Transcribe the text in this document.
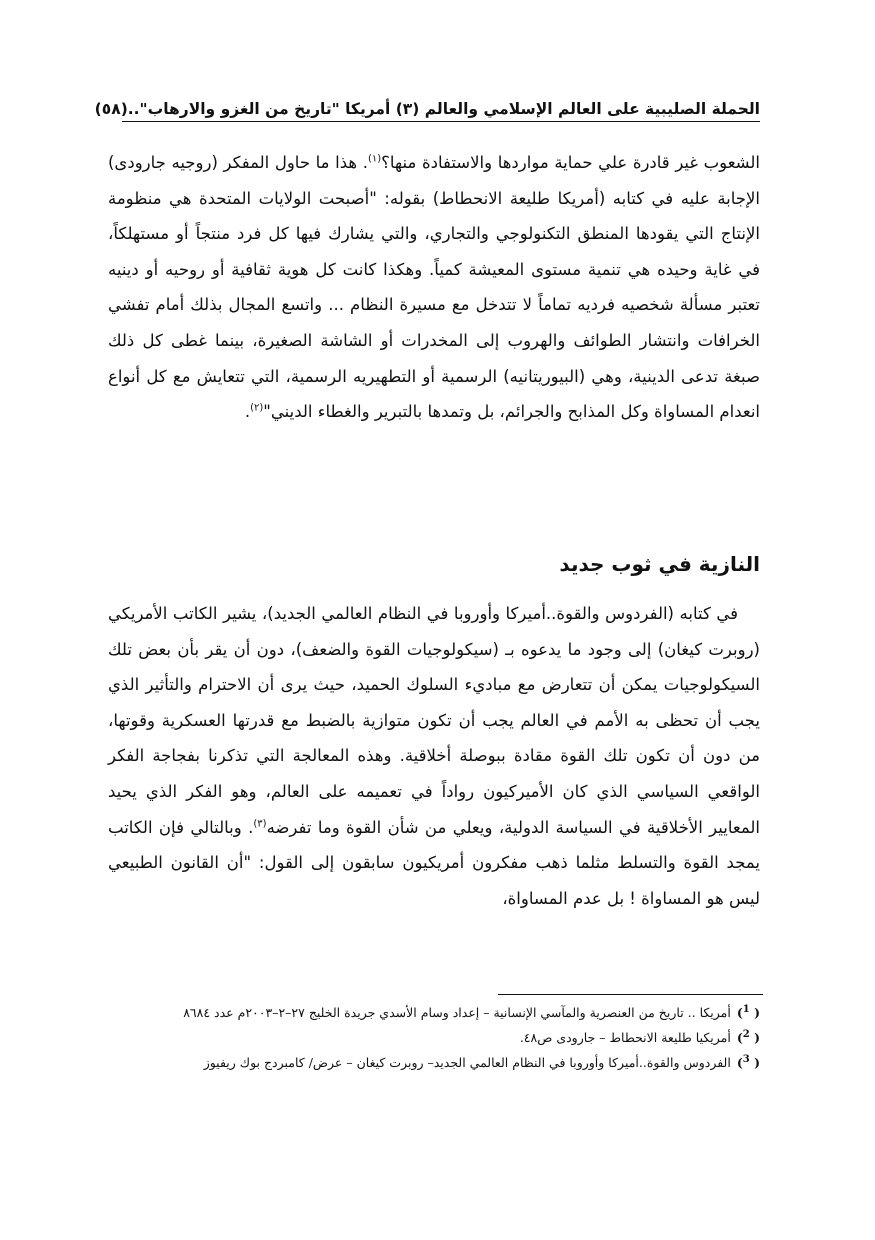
الحملة الصليبية على العالم الإسلامي والعالم (٣) أمريكا "تاريخ من الغزو والارهاب"..
(٥٨)

الشعوب غير قادرة علي حماية مواردها والاستفادة منها؟$^{(١)}$. هذا ما حاول المفكر (روجيه جارودى) الإجابة عليه في كتابه (أمريكا طليعة الانحطاط) بقوله: "أصبحت الولايات المتحدة هي منظومة الإنتاج التي يقودها المنطق التكنولوجي والتجاري، والتي يشارك فيها كل فرد منتجاً أو مستهلكاً، في غاية وحيده هي تنمية مستوى المعيشة كمياً. وهكذا كانت كل هوية ثقافية أو روحيه أو دينيه تعتبر مسألة شخصيه فرديه تماماً لا تتدخل مع مسيرة النظام ... واتسع المجال بذلك أمام تفشي الخرافات وانتشار الطوائف والهروب إلى المخدرات أو الشاشة الصغيرة، بينما غطى كل ذلك صبغة تدعى الدينية، وهي (البيوريتانيه) الرسمية أو التطهيريه الرسمية، التي تتعايش مع كل أنواع انعدام المساواة وكل المذابح والجرائم، بل وتمدها بالتبرير والغطاء الديني"$^{(٢)}$.

النازية في ثوب جديد

في كتابه (الفردوس والقوة..أميركا وأوروبا في النظام العالمي الجديد)، يشير الكاتب الأمريكي (روبرت كيغان) إلى وجود ما يدعوه بـ (سيكولوجيات القوة والضعف)، دون أن يقر بأن بعض تلك السيكولوجيات يمكن أن تتعارض مع مباديء السلوك الحميد، حيث يرى أن الاحترام والتأثير الذي يجب أن تحظى به الأمم في العالم يجب أن تكون متوازية بالضبط مع قدرتها العسكرية وقوتها، من دون أن تكون تلك القوة مقادة ببوصلة أخلاقية. وهذه المعالجة التي تذكرنا بفجاجة الفكر الواقعي السياسي الذي كان الأميركيون رواداً في تعميمه على العالم، وهو الفكر الذي يحيد المعايير الأخلاقية في السياسة الدولية، ويعلي من شأن القوة وما تفرضه$^{(٣)}$. وبالتالي فإن الكاتب يمجد القوة والتسلط مثلما ذهب مفكرون أمريكيون سابقون إلى القول: "أن القانون الطبيعي ليس هو المساواة ! بل عدم المساواة،

( $^1$)أمريكا .. تاريخ من العنصرية والمآسي الإنسانية – إعداد وسام الأسدي جريدة الخليج ٢٧–٢–٢٠٠٣م عدد ٨٦٨٤

( $^2$)أمريكيا طليعة الانحطاط – جارودى ص٤٨.

( $^3$)الفردوس والقوة..أميركا وأوروبا في النظام العالمي الجديد– روبرت كيغان – عرض/ كامبردج بوك ريفيوز
